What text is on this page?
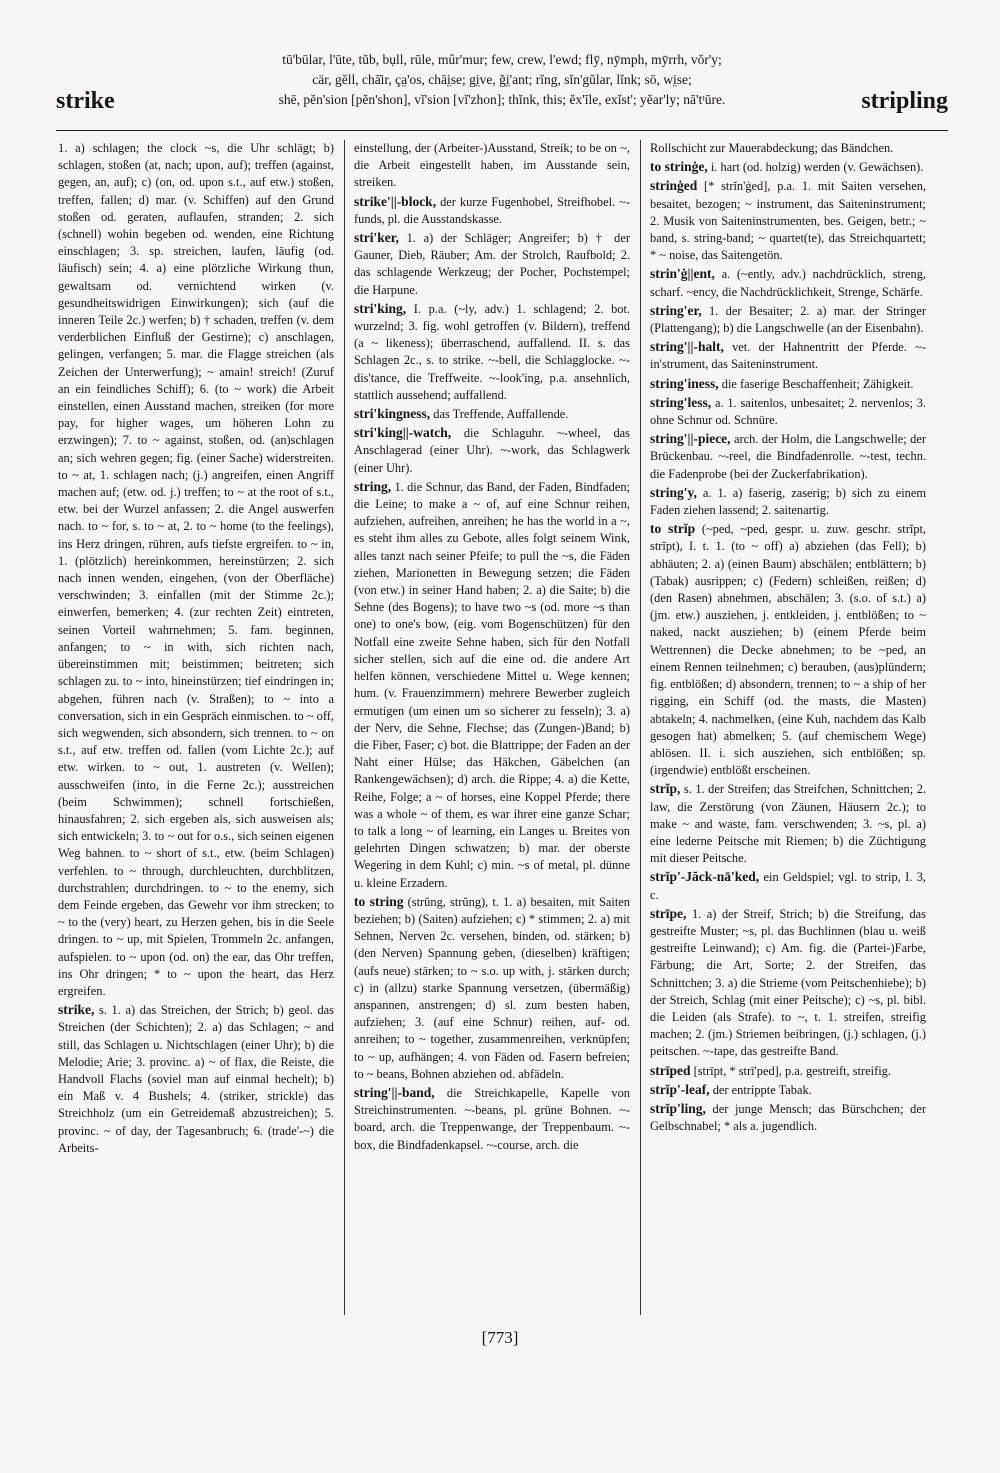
strike
tū'būlar, l'ūte, tŭb, bụll, rūle, mûr'mur; few, crew, l'ewd; flȳ, nȳmph, mȳrrh, vŏr'y;
cär, gĕll, chā̇ir, ça̤'os, chāi̤se; gi̤ve, ği̤'ant; rĭng, sĭn'gŭlar, lĭnk; sō, wi̤se;
shē, pĕn'sion [pĕn'shon], vĭ'sion [vĭ'zhon]; thĭnk, this; ĕx'īle, exĭst'; yĕar'ly; nā'tᵗūre.	stripling

1. a) schlagen; the clock ~s, die Uhr schlägt; b) schlagen, stoßen (at, nach; upon, auf); treffen (against, gegen, an, auf); c) (on, od. upon s.t., auf etw.) stoßen, treffen, fallen; d) mar. (v. Schiffen) auf den Grund stoßen od. geraten, auflaufen, stranden; 2. sich (schnell) wohin begeben od. wenden, eine Richtung einschlagen; 3. sp. streichen, laufen, läufig (od. läufisch) sein; 4. a) eine plötzliche Wirkung thun, gewaltsam od. vernichtend wirken (v. gesundheitswidrigen Einwirkungen); sich (auf die inneren Teile 2c.) werfen; b) † schaden, treffen (v. dem verderblichen Einfluß der Gestirne); c) anschlagen, gelingen, verfangen; 5. mar. die Flagge streichen (als Zeichen der Unterwerfung); ~ amain! streich! (Zuruf an ein feindliches Schiff); 6. (to ~ work) die Arbeit einstellen, einen Ausstand machen, streiken (for more pay, for higher wages, um höheren Lohn zu erzwingen); 7. to ~ against, stoßen, od. (an)schlagen an; sich wehren gegen; fig. (einer Sache) widerstreiten. to ~ at, 1. schlagen nach; (j.) angreifen, einen Angriff machen auf; (etw. od. j.) treffen; to ~ at the root of s.t., etw. bei der Wurzel anfassen; 2. die Angel auswerfen nach. to ~ for, s. to ~ at, 2. to ~ home (to the feelings), ins Herz dringen, rühren, aufs tiefste ergreifen. to ~ in, 1. (plötzlich) hereinkommen, hereinstürzen; 2. sich nach innen wenden, eingehen, (von der Oberfläche) verschwinden; 3. einfallen (mit der Stimme 2c.); einwerfen, bemerken; 4. (zur rechten Zeit) eintreten, seinen Vorteil wahrnehmen; 5. fam. beginnen, anfangen; to ~ in with, sich richten nach, übereinstimmen mit; beistimmen; beitreten; sich schlagen zu. to ~ into, hineinstürzen; tief eindringen in; abgehen, führen nach (v. Straßen); to ~ into a conversation, sich in ein Gespräch einmischen. to ~ off, sich wegwenden, sich absondern, sich trennen. to ~ on s.t., auf etw. treffen od. fallen (vom Lichte 2c.); auf etw. wirken. to ~ out, 1. austreten (v. Wellen); ausschweifen (into, in die Ferne 2c.); ausstreichen (beim Schwimmen); schnell fortschießen, hinausfahren; 2. sich ergeben als, sich ausweisen als; sich entwickeln; 3. to ~ out for o.s., sich seinen eigenen Weg bahnen. to ~ short of s.t., etw. (beim Schlagen) verfehlen. to ~ through, durchleuchten, durchblitzen, durchstrahlen; durchdringen. to ~ to the enemy, sich dem Feinde ergeben, das Gewehr vor ihm strecken; to ~ to the (very) heart, zu Herzen gehen, bis in die Seele dringen. to ~ up, mit Spielen, Trommeln 2c. anfangen, aufspielen. to ~ upon (od. on) the ear, das Ohr treffen, ins Ohr dringen; * to ~ upon the heart, das Herz ergreifen.

strike, s. 1. a) das Streichen, der Strich; b) geol. das Streichen (der Schichten); 2. a) das Schlagen; ~ and still, das Schlagen u. Nichtschlagen (einer Uhr); b) die Melodie; Arie; 3. provinc. a) ~ of flax, die Reiste, die Handvoll Flachs (soviel man auf einmal hechelt); b) ein Maß v. 4 Bushels; 4. (striker, strickle) das Streichholz (um ein Getreidemaß abzustreichen); 5. provinc. ~ of day, der Tagesanbruch; 6. (trade'-~) die Arbeits-

einstellung, der (Arbeiter-)Ausstand, Streik; to be on ~, die Arbeit eingestellt haben, im Ausstande sein, streiken.

strike'||-block, der kurze Fugenhobel, Streifhobel. ~-funds, pl. die Ausstandskasse.

stri'ker, 1. a) der Schläger; Angreifer; b) † der Gauner, Dieb, Räuber; Am. der Strolch, Raufbold; 2. das schlagende Werkzeug; der Pocher, Pochstempel; die Harpune.

stri'king, I. p.a. (~ly, adv.) 1. schlagend; 2. bot. wurzelnd; 3. fig. wohl getroffen (v. Bildern), treffend (a ~ likeness); überraschend, auffallend. II. s. das Schlagen 2c., s. to strike. ~-bell, die Schlagglocke. ~-dis'tance, die Treffweite. ~-look'ing, p.a. ansehnlich, stattlich aussehend; auffallend.

stri'kingness, das Treffende, Auffallende.

stri'king||-watch, die Schlaguhr. ~-wheel, das Anschlagerad (einer Uhr). ~-work, das Schlagwerk (einer Uhr).

string, 1. die Schnur, das Band, der Faden, Bindfaden; die Leine; to make a ~ of, auf eine Schnur reihen, aufziehen, aufreihen, anreihen; he has the world in a ~, es steht ihm alles zu Gebote, alles folgt seinem Wink, alles tanzt nach seiner Pfeife; to pull the ~s, die Fäden ziehen, Marionetten in Bewegung setzen; die Fäden (von etw.) in seiner Hand haben; 2. a) die Saite; b) die Sehne (des Bogens); to have two ~s (od. more ~s than one) to one's bow, (eig. vom Bogenschützen) für den Notfall eine zweite Sehne haben, sich für den Notfall sicher stellen, sich auf die eine od. die andere Art helfen können, verschiedene Mittel u. Wege kennen; hum. (v. Frauenzimmern) mehrere Bewerber zugleich ermutigen (um einen um so sicherer zu fesseln); 3. a) der Nerv, die Sehne, Flechse; das (Zungen-)Band; b) die Fiber, Faser; c) bot. die Blattrippe; der Faden an der Naht einer Hülse; das Häkchen, Gäbelchen (an Rankengewächsen); d) arch. die Rippe; 4. a) die Kette, Reihe, Folge; a ~ of horses, eine Koppel Pferde; there was a whole ~ of them, es war ihrer eine ganze Schar; to talk a long ~ of learning, ein Langes u. Breites von gelehrten Dingen schwatzen; b) mar. der oberste Wegering in dem Kuhl; c) min. ~s of metal, pl. dünne u. kleine Erzadern.

to string (strŭng, strŭng), t. 1. a) besaiten, mit Saiten beziehen; b) (Saiten) aufziehen; c) * stimmen; 2. a) mit Sehnen, Nerven 2c. versehen, binden, od. stärken; b) (den Nerven) Spannung geben, (dieselben) kräftigen; (aufs neue) stärken; to ~ s.o. up with, j. stärken durch; c) in (allzu) starke Spannung versetzen, (übermäßig) anspannen, anstrengen; d) sl. zum besten haben, aufziehen; 3. (auf eine Schnur) reihen, auf- od. anreihen; to ~ together, zusammenreihen, verknüpfen; to ~ up, aufhängen; 4. von Fäden od. Fasern befreien; to ~ beans, Bohnen abziehen od. abfädeln.

string'||-band, die Streichkapelle, Kapelle von Streichinstrumenten. ~-beans, pl. grüne Bohnen. ~-board, arch. die Treppenwange, der Treppenbaum. ~-box, die Bindfadenkapsel. ~-course, arch. die

Rollschicht zur Mauerabdeckung; das Bändchen.

to strinġe, i. hart (od. holzig) werden (v. Gewächsen).

strinġed [* strĭn'ġed], p.a. 1. mit Saiten versehen, besaitet, bezogen; ~ instrument, das Saiteninstrument; 2. Musik von Saiteninstrumenten, bes. Geigen, betr.; ~ band, s. string-band; ~ quartet(te), das Streichquartett; * ~ noise, das Saitengetön.

strin'ġ||ent, a. (~ently, adv.) nachdrücklich, streng, scharf. ~ency, die Nachdrücklichkeit, Strenge, Schärfe.

string'er, 1. der Besaiter; 2. a) mar. der Stringer (Plattengang); b) die Langschwelle (an der Eisenbahn).

string'||-halt, vet. der Hahnentritt der Pferde. ~-in'strument, das Saiteninstrument.

string'iness, die faserige Beschaffenheit; Zähigkeit.

string'less, a. 1. saitenlos, unbesaitet; 2. nervenlos; 3. ohne Schnur od. Schnüre.

string'||-piece, arch. der Holm, die Langschwelle; der Brückenbau. ~-reel, die Bindfadenrolle. ~-test, techn. die Fadenprobe (bei der Zuckerfabrikation).

string'y, a. 1. a) faserig, zaserig; b) sich zu einem Faden ziehen lassend; 2. saitenartig.

to strĭp (~ped, ~ped, gespr. u. zuw. geschr. strĭpt, strĭpt), I. t. 1. (to ~ off) a) abziehen (das Fell); b) abhäuten; 2. a) (einen Baum) abschälen; entblättern; b) (Tabak) ausrippen; c) (Federn) schleißen, reißen; d) (den Rasen) abnehmen, abschälen; 3. (s.o. of s.t.) a) (jm. etw.) ausziehen, j. entkleiden, j. entblößen; to ~ naked, nackt ausziehen; b) (einem Pferde beim Wettrennen) die Decke abnehmen; to be ~ped, an einem Rennen teilnehmen; c) berauben, (aus)plündern; fig. entblößen; d) absondern, trennen; to ~ a ship of her rigging, ein Schiff (od. the masts, die Masten) abtakeln; 4. nachmelken, (eine Kuh, nachdem das Kalb gesogen hat) abmelken; 5. (auf chemischem Wege) ablösen. II. i. sich ausziehen, sich entblößen; sp. (irgendwie) entblößt erscheinen.

strĭp, s. 1. der Streifen; das Streifchen, Schnittchen; 2. law, die Zerstörung (von Zäunen, Häusern 2c.); to make ~ and waste, fam. verschwenden; 3. ~s, pl. a) eine lederne Peitsche mit Riemen; b) die Züchtigung mit dieser Peitsche.

strĭp'-Jăck-nā'ked, ein Geldspiel; vgl. to strip, I. 3, c.

strīpe, 1. a) der Streif, Strich; b) die Streifung, das gestreifte Muster; ~s, pl. das Buchlinnen (blau u. weiß gestreifte Leinwand); c) Am. fig. die (Partei-)Farbe, Färbung; die Art, Sorte; 2. der Streifen, das Schnittchen; 3. a) die Strieme (vom Peitschenhiebe); b) der Streich, Schlag (mit einer Peitsche); c) ~s, pl. bibl. die Leiden (als Strafe). to ~, t. 1. streifen, streifig machen; 2. (jm.) Striemen beibringen, (j.) schlagen, (j.) peitschen. ~-tape, das gestreifte Band.

strīped [strīpt, * strī'ped], p.a. gestreift, streifig.

strĭp'-leaf, der entrippte Tabak.

strĭp'ling, der junge Mensch; das Bürschchen; der Gelbschnabel; * als a. jugendlich.

[773]
